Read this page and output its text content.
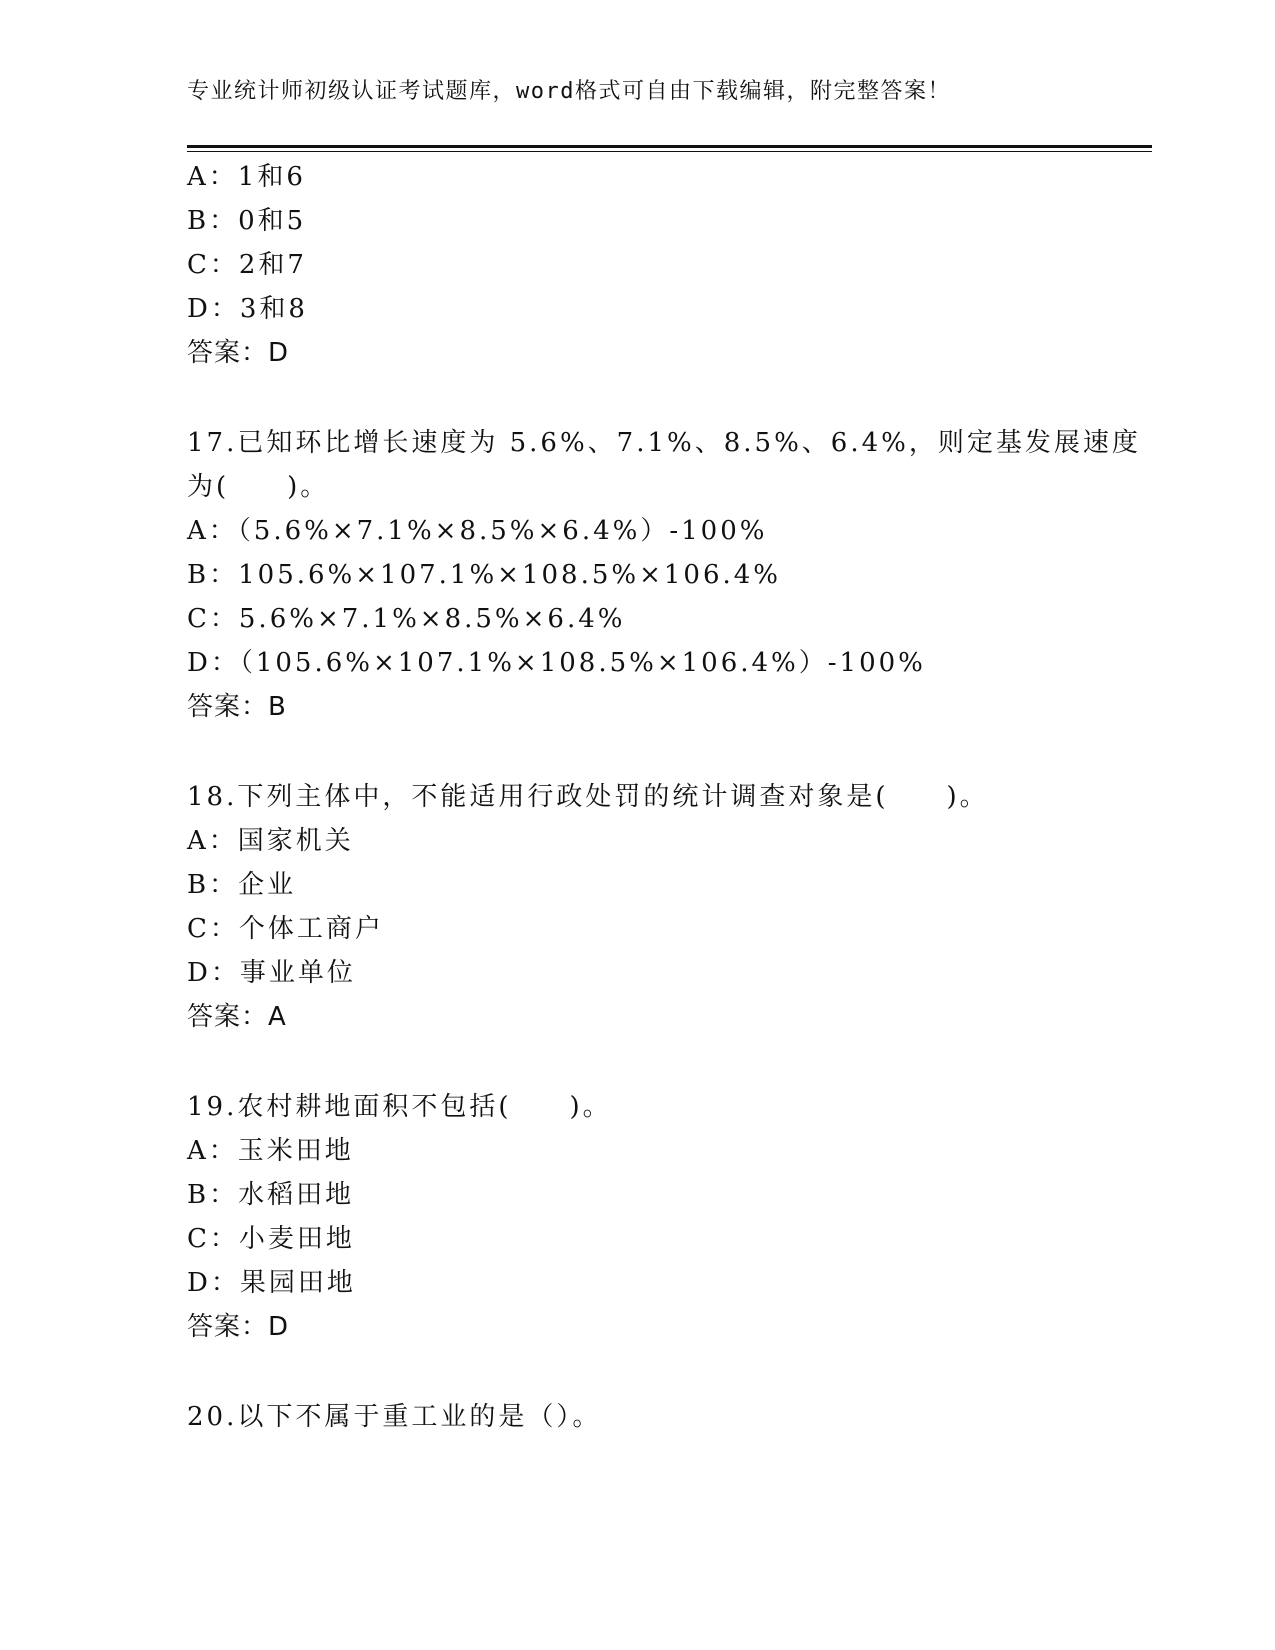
专业统计师初级认证考试题库，word格式可自由下载编辑，附完整答案！
A：1和6
B：0和5
C：2和7
D：3和8
答案：D
17.已知环比增长速度为 5.6%、7.1%、8.5%、6.4%，则定基发展速度
为(　　)。
A：（5.6%×7.1%×8.5%×6.4%）-100%
B：105.6%×107.1%×108.5%×106.4%
C：5.6%×7.1%×8.5%×6.4%
D：（105.6%×107.1%×108.5%×106.4%）-100%
答案：B
18.下列主体中，不能适用行政处罚的统计调查对象是(　　)。
A：国家机关
B：企业
C：个体工商户
D：事业单位
答案：A
19.农村耕地面积不包括(　　)。
A：玉米田地
B：水稻田地
C：小麦田地
D：果园田地
答案：D
20.以下不属于重工业的是（）。
